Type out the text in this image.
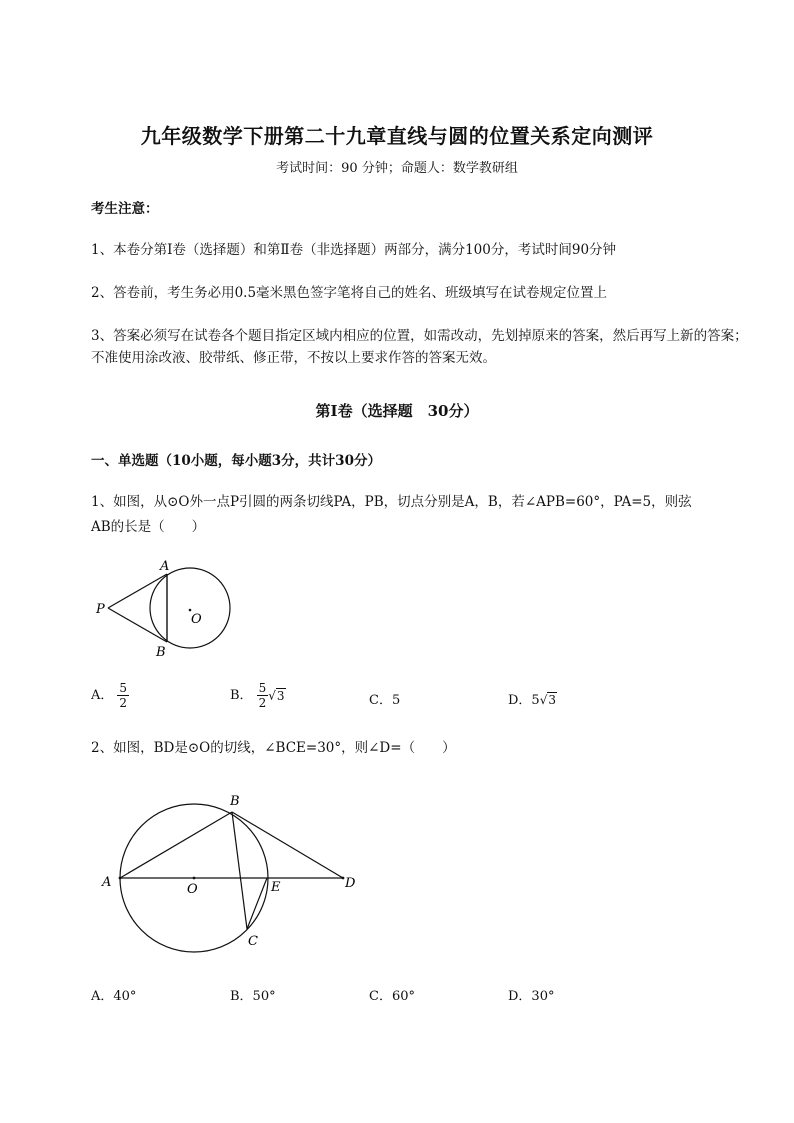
九年级数学下册第二十九章直线与圆的位置关系定向测评
考试时间：90 分钟；命题人：数学教研组
考生注意：
1、本卷分第Ⅰ卷（选择题）和第Ⅱ卷（非选择题）两部分，满分100分，考试时间90分钟
2、答卷前，考生务必用0.5毫米黑色签字笔将自己的姓名、班级填写在试卷规定位置上
3、答案必须写在试卷各个题目指定区域内相应的位置，如需改动，先划掉原来的答案，然后再写上新的答案；不准使用涂改液、胶带纸、修正带，不按以上要求作答的答案无效。
第Ⅰ卷（选择题　30分）
一、单选题（10小题，每小题3分，共计30分）
1、如图，从⊙O外一点P引圆的两条切线PA，PB，切点分别是A，B，若∠APB=60°，PA=5，则弦
AB的长是（　　）
A
B
P
O
A． $\frac{5}{2}$	B． $\frac{5}{2} √3$	C．5	D．5√3
2、如图，BD是⊙O的切线，∠BCE=30°，则∠D=（　　）
A
B
C
D
E
O
A．40°	B．50°	C．60°	D．30°
